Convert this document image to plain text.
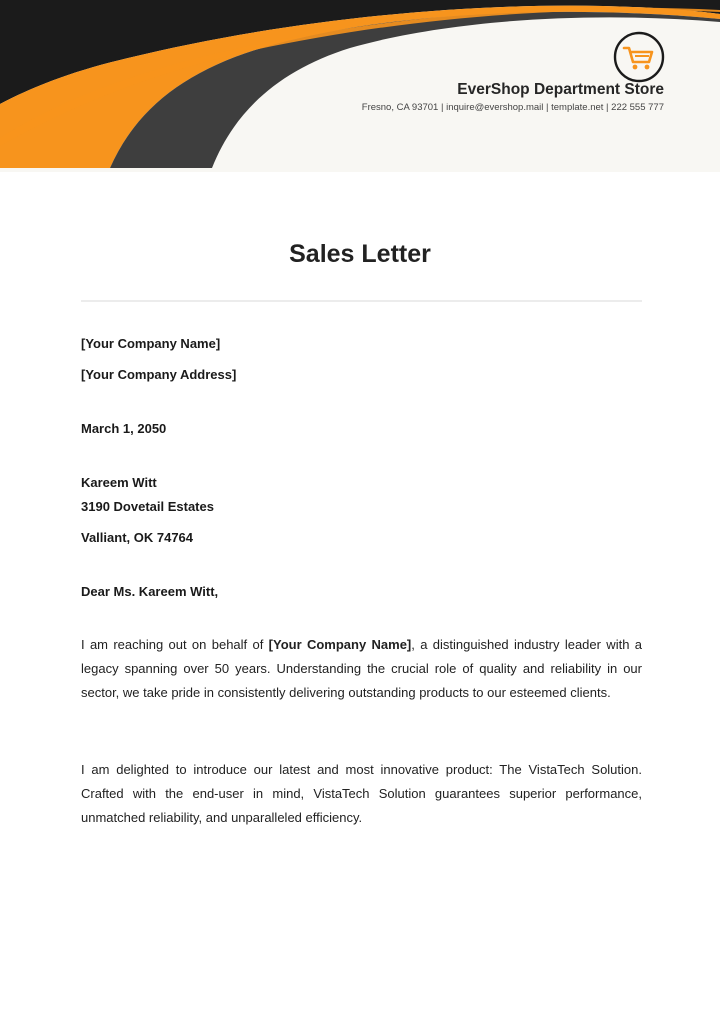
EverShop Department Store
Fresno, CA 93701 | inquire@evershop.mail | template.net | 222 555 777
Sales Letter
[Your Company Name]
[Your Company Address]
March 1, 2050
Kareem Witt
3190 Dovetail Estates
Valliant, OK 74764
Dear Ms. Kareem Witt,
I am reaching out on behalf of [Your Company Name], a distinguished industry leader with a legacy spanning over 50 years. Understanding the crucial role of quality and reliability in our sector, we take pride in consistently delivering outstanding products to our esteemed clients.
I am delighted to introduce our latest and most innovative product: The VistaTech Solution. Crafted with the end-user in mind, VistaTech Solution guarantees superior performance, unmatched reliability, and unparalleled efficiency.
